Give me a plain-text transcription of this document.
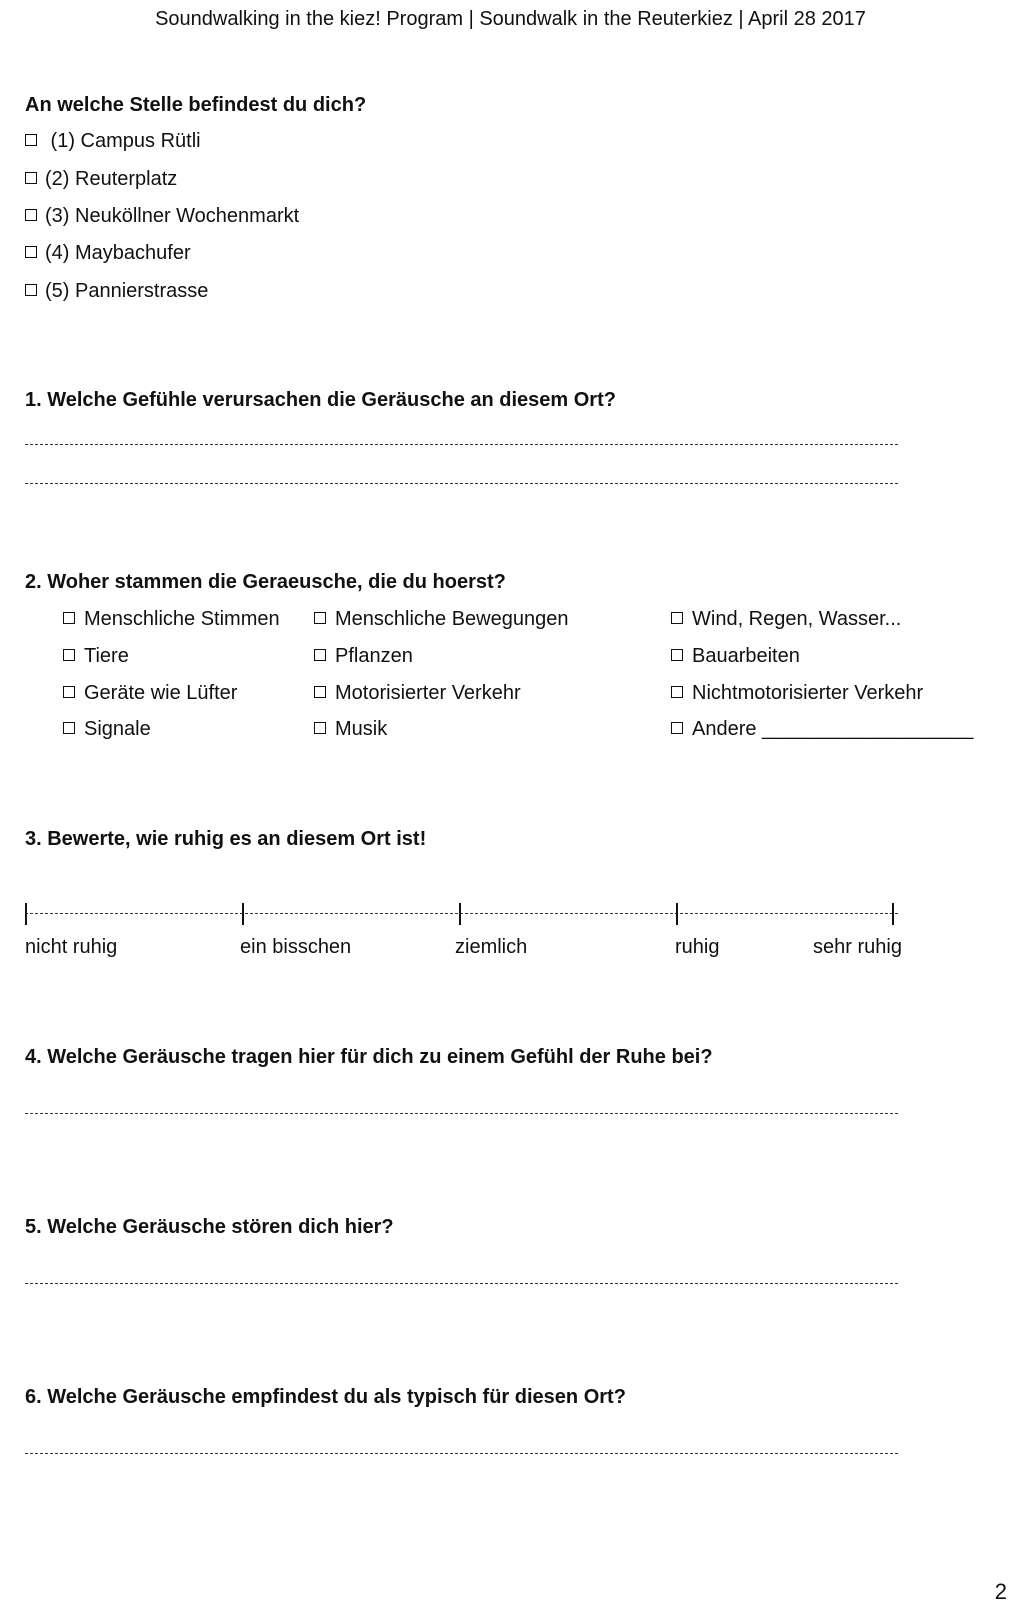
Soundwalking in the kiez! Program | Soundwalk in the Reuterkiez | April 28 2017
An welche Stelle befindest du dich?
(1) Campus Rütli
(2) Reuterplatz
(3) Neuköllner Wochenmarkt
(4) Maybachufer
(5) Pannierstrasse
1. Welche Gefühle verursachen die Geräusche an diesem Ort?
2. Woher stammen die Geraeusche, die du hoerst?
Menschliche Stimmen	Menschliche Bewegungen	Wind, Regen, Wasser...
Tiere	Pflanzen	Bauarbeiten
Geräte wie Lüfter	Motorisierter Verkehr	Nichtmotorisierter Verkehr
Signale	Musik	Andere ___________________
3. Bewerte, wie ruhig es an diesem Ort ist!
nicht ruhig	ein bisschen	ziemlich	ruhig	sehr ruhig
4. Welche Geräusche tragen hier für dich zu einem Gefühl der Ruhe bei?
5. Welche Geräusche stören dich hier?
6. Welche Geräusche empfindest du als typisch für diesen Ort?
2
